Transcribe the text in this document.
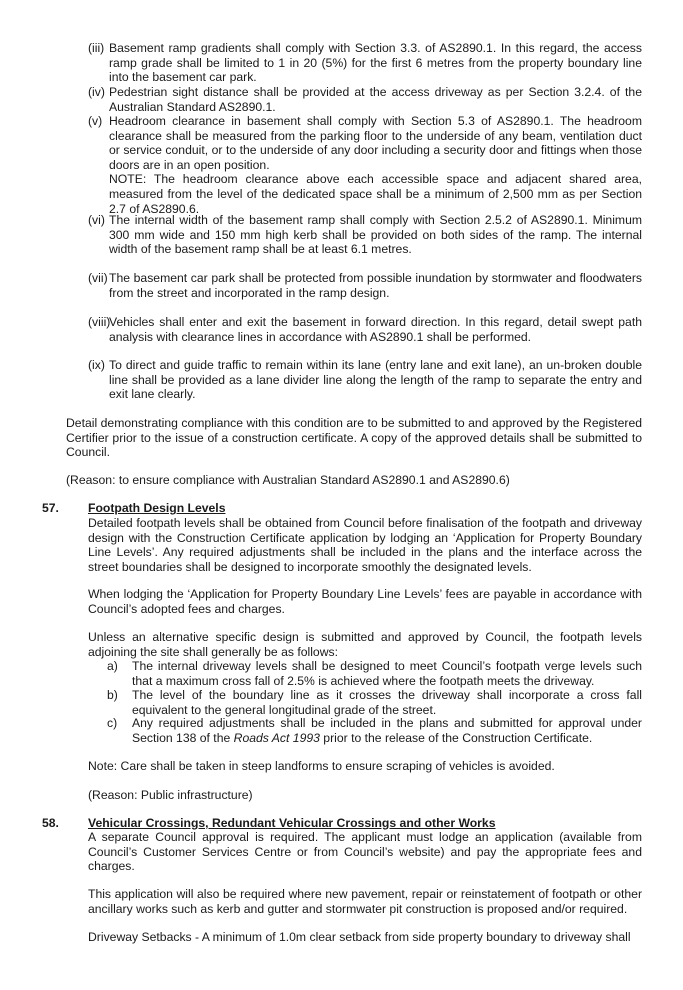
(iii) Basement ramp gradients shall comply with Section 3.3. of AS2890.1. In this regard, the access ramp grade shall be limited to 1 in 20 (5%) for the first 6 metres from the property boundary line into the basement car park.

(iv) Pedestrian sight distance shall be provided at the access driveway as per Section 3.2.4. of the Australian Standard AS2890.1.

(v) Headroom clearance in basement shall comply with Section 5.3 of AS2890.1. The headroom clearance shall be measured from the parking floor to the underside of any beam, ventilation duct or service conduit, or to the underside of any door including a security door and fittings when those doors are in an open position.

NOTE: The headroom clearance above each accessible space and adjacent shared area, measured from the level of the dedicated space shall be a minimum of 2,500 mm as per Section 2.7 of AS2890.6.

(vi) The internal width of the basement ramp shall comply with Section 2.5.2 of AS2890.1. Minimum 300 mm wide and 150 mm high kerb shall be provided on both sides of the ramp. The internal width of the basement ramp shall be at least 6.1 metres.

(vii) The basement car park shall be protected from possible inundation by stormwater and floodwaters from the street and incorporated in the ramp design.

(viii)

Vehicles shall enter and exit the basement in forward direction. In this regard, detail swept path analysis with clearance lines in accordance with AS2890.1 shall be performed.

(ix) To direct and guide traffic to remain within its lane (entry lane and exit lane), an un-broken double line shall be provided as a lane divider line along the length of the ramp to separate the entry and exit lane clearly.

Detail demonstrating compliance with this condition are to be submitted to and approved by the Registered Certifier prior to the issue of a construction certificate. A copy of the approved details shall be submitted to Council.

(Reason: to ensure compliance with Australian Standard AS2890.1 and AS2890.6)

57. Footpath Design Levels

Detailed footpath levels shall be obtained from Council before finalisation of the footpath and driveway design with the Construction Certificate application by lodging an ‘Application for Property Boundary Line Levels’. Any required adjustments shall be included in the plans and the interface across the street boundaries shall be designed to incorporate smoothly the designated levels.

When lodging the ‘Application for Property Boundary Line Levels’ fees are payable in accordance with Council’s adopted fees and charges.

Unless an alternative specific design is submitted and approved by Council, the footpath levels adjoining the site shall generally be as follows:

a) The internal driveway levels shall be designed to meet Council’s footpath verge levels such that a maximum cross fall of 2.5% is achieved where the footpath meets the driveway.

b) The level of the boundary line as it crosses the driveway shall incorporate a cross fall equivalent to the general longitudinal grade of the street.

c) Any required adjustments shall be included in the plans and submitted for approval under Section 138 of the Roads Act 1993 prior to the release of the Construction Certificate.

Note: Care shall be taken in steep landforms to ensure scraping of vehicles is avoided.

(Reason: Public infrastructure)

58. Vehicular Crossings, Redundant Vehicular Crossings and other Works

A separate Council approval is required. The applicant must lodge an application (available from Council’s Customer Services Centre or from Council’s website) and pay the appropriate fees and charges.

This application will also be required where new pavement, repair or reinstatement of footpath or other ancillary works such as kerb and gutter and stormwater pit construction is proposed and/or required.

Driveway Setbacks - A minimum of 1.0m clear setback from side property boundary to driveway shall
